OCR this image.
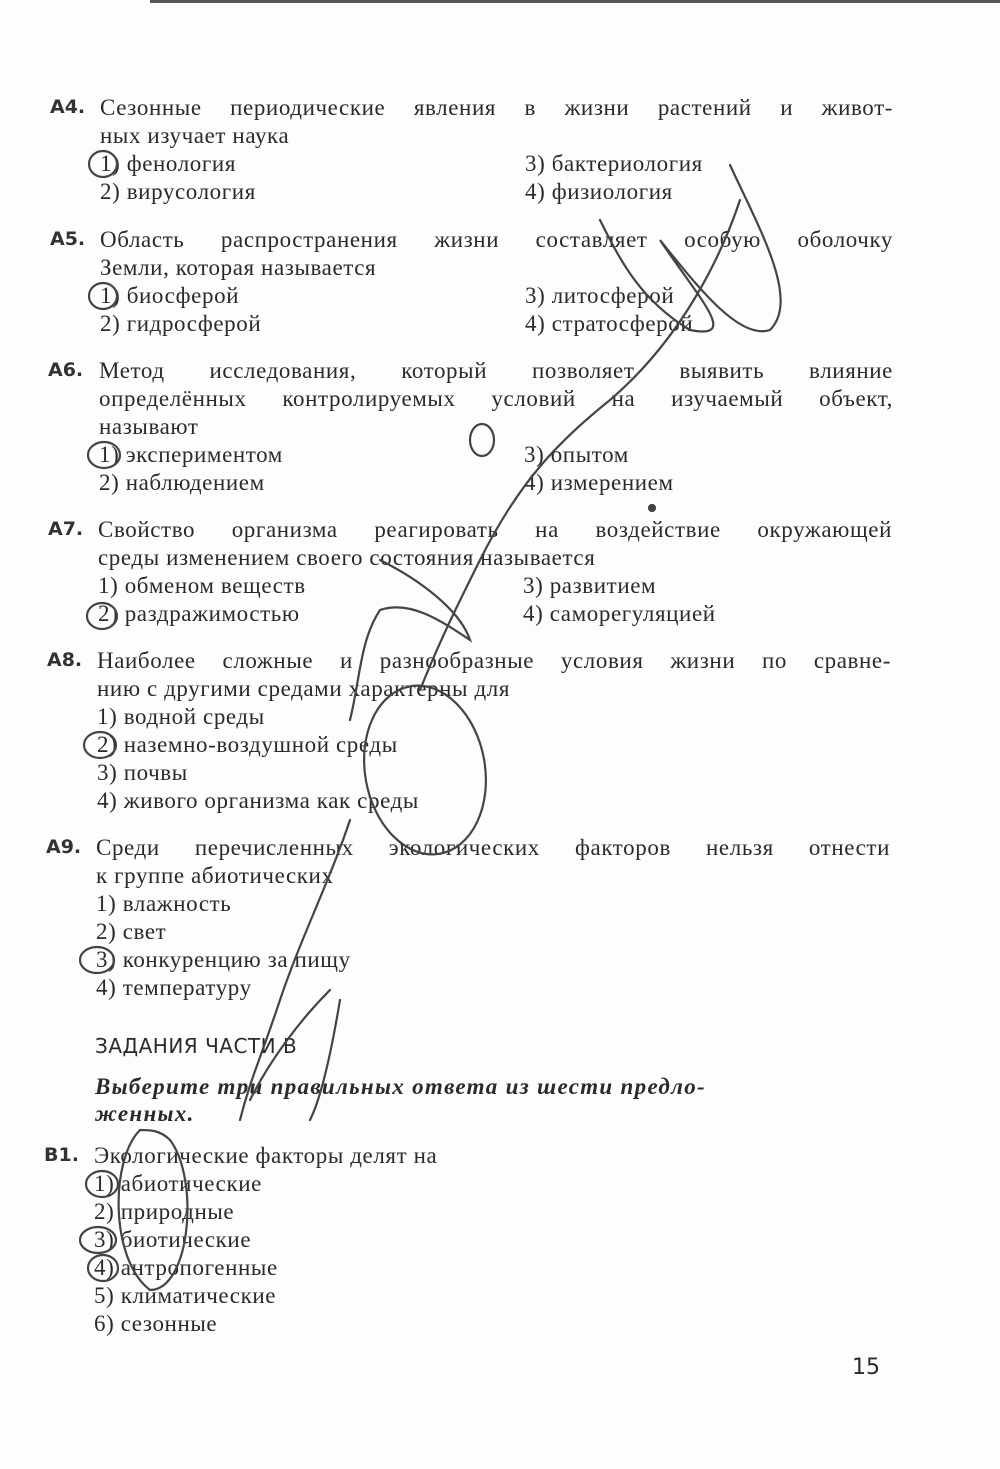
A4. Сезонные периодические явления в жизни растений и живот-
ных изучает наука
1) фенология	3) бактериология
2) вирусология	4) физиология
A5. Область распространения жизни составляет особую оболочку
Земли, которая называется
1) биосферой	3) литосферой
2) гидросферой	4) стратосферой
A6. Метод исследования, который позволяет выявить влияние
определённых контролируемых условий на изучаемый объект,
называют
1) экспериментом	3) опытом
2) наблюдением	4) измерением
A7. Свойство организма реагировать на воздействие окружающей
среды изменением своего состояния называется
1) обменом веществ	3) развитием
2) раздражимостью	4) саморегуляцией
A8. Наиболее сложные и разнообразные условия жизни по сравне-
нию с другими средами характерны для
1) водной среды
2) наземно-воздушной среды
3) почвы
4) живого организма как среды
A9. Среди перечисленных экологических факторов нельзя отнести
к группе абиотических
1) влажность
2) свет
3) конкуренцию за пищу
4) температуру
ЗАДАНИЯ ЧАСТИ В
Выберите три правильных ответа из шести предло-
женных.
B1. Экологические факторы делят на
1) абиотические
2) природные
3) биотические
4) антропогенные
5) климатические
6) сезонные
15
